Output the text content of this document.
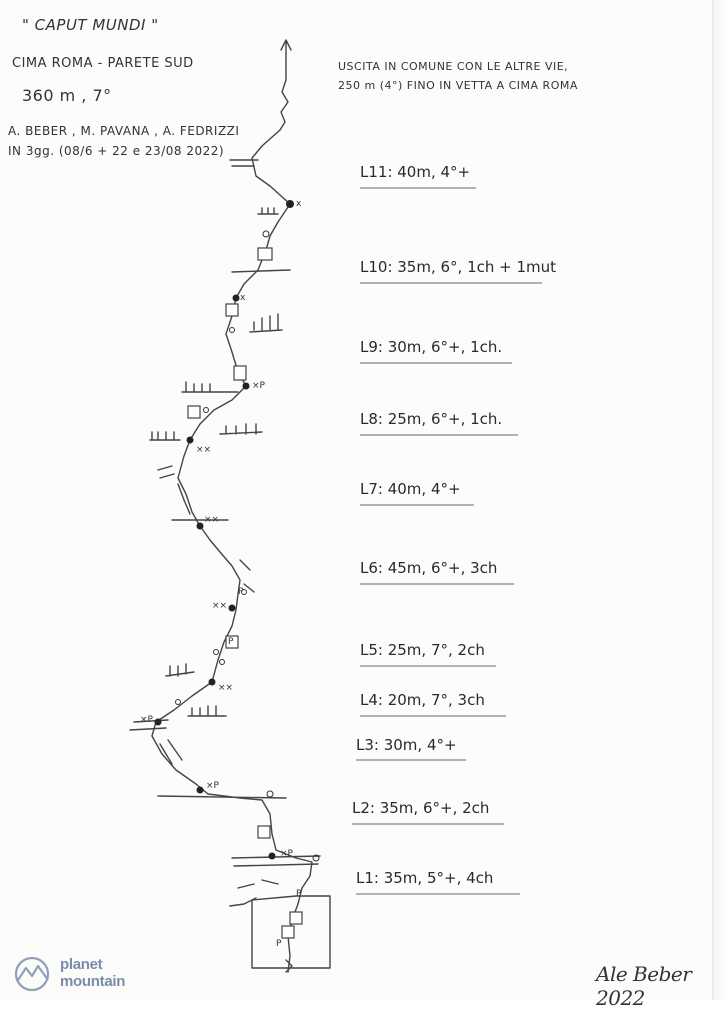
" CAPUT MUNDI "
CIMA ROMA - PARETE SUD
360 m , 7°
A. BEBER , M. PAVANA , A. FEDRIZZI
IN 3gg. (08/6 + 22 e 23/08 2022)
USCITA IN COMUNE CON LE ALTRE VIE,
250 m (4°) FINO IN VETTA A CIMA ROMA
x
x
×P
××
××
××
××
×P
×P
×P
P
P
P
P
L11: 40m, 4°+
L10: 35m, 6°, 1ch + 1mut
L9: 30m, 6°+, 1ch.
L8: 25m, 6°+, 1ch.
L7: 40m, 4°+
L6: 45m, 6°+, 3ch
L5: 25m, 7°, 2ch
L4: 20m, 7°, 3ch
L3: 30m, 4°+
L2: 35m, 6°+, 2ch
L1: 35m, 5°+, 4ch
planet
mountain	Ale Beber 2022
